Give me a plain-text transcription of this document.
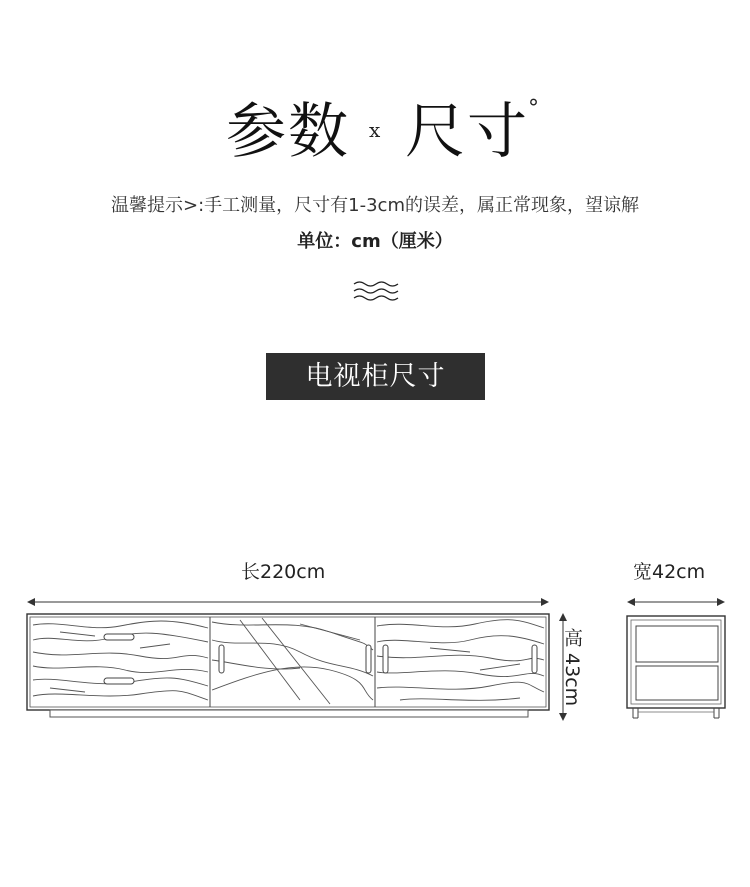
参数 x 尺寸 °
温馨提示>:手工测量，尺寸有1-3cm的误差，属正常现象，望谅解
单位：cm（厘米）
电视柜尺寸
长220cm	宽42cm
高 43cm
